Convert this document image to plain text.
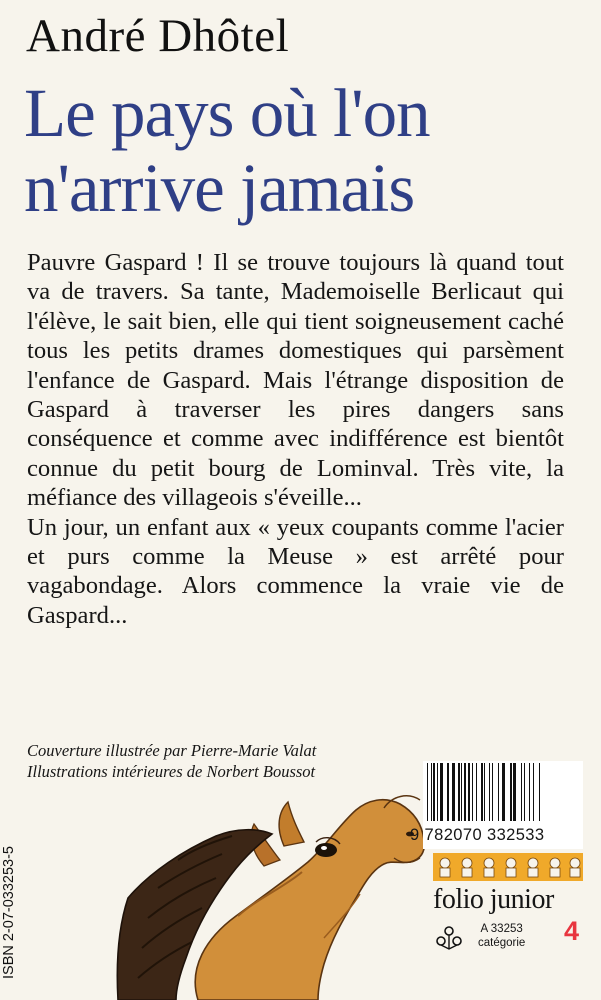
André Dhôtel
Le pays où l'on
n'arrive jamais

Pauvre Gaspard ! Il se trouve toujours là quand tout va de travers. Sa tante, Mademoiselle Berlicaut qui l'élève, le sait bien, elle qui tient soigneusement caché tous les petits drames domestiques qui parsèment l'enfance de Gaspard. Mais l'étrange disposition de Gaspard à traverser les pires dangers sans conséquence et comme avec indifférence est bientôt connue du petit bourg de Lominval. Très vite, la méfiance des villageois s'éveille...

Un jour, un enfant aux « yeux coupants comme l'acier et purs comme la Meuse » est arrêté pour vagabondage. Alors commence la vraie vie de Gaspard...

Couverture illustrée par Pierre-Marie Valat
Illustrations intérieures de Norbert Boussot
ISBN 2-07-033253-5
9 782070 332533
folio junior
A 33253
catégorie 4
